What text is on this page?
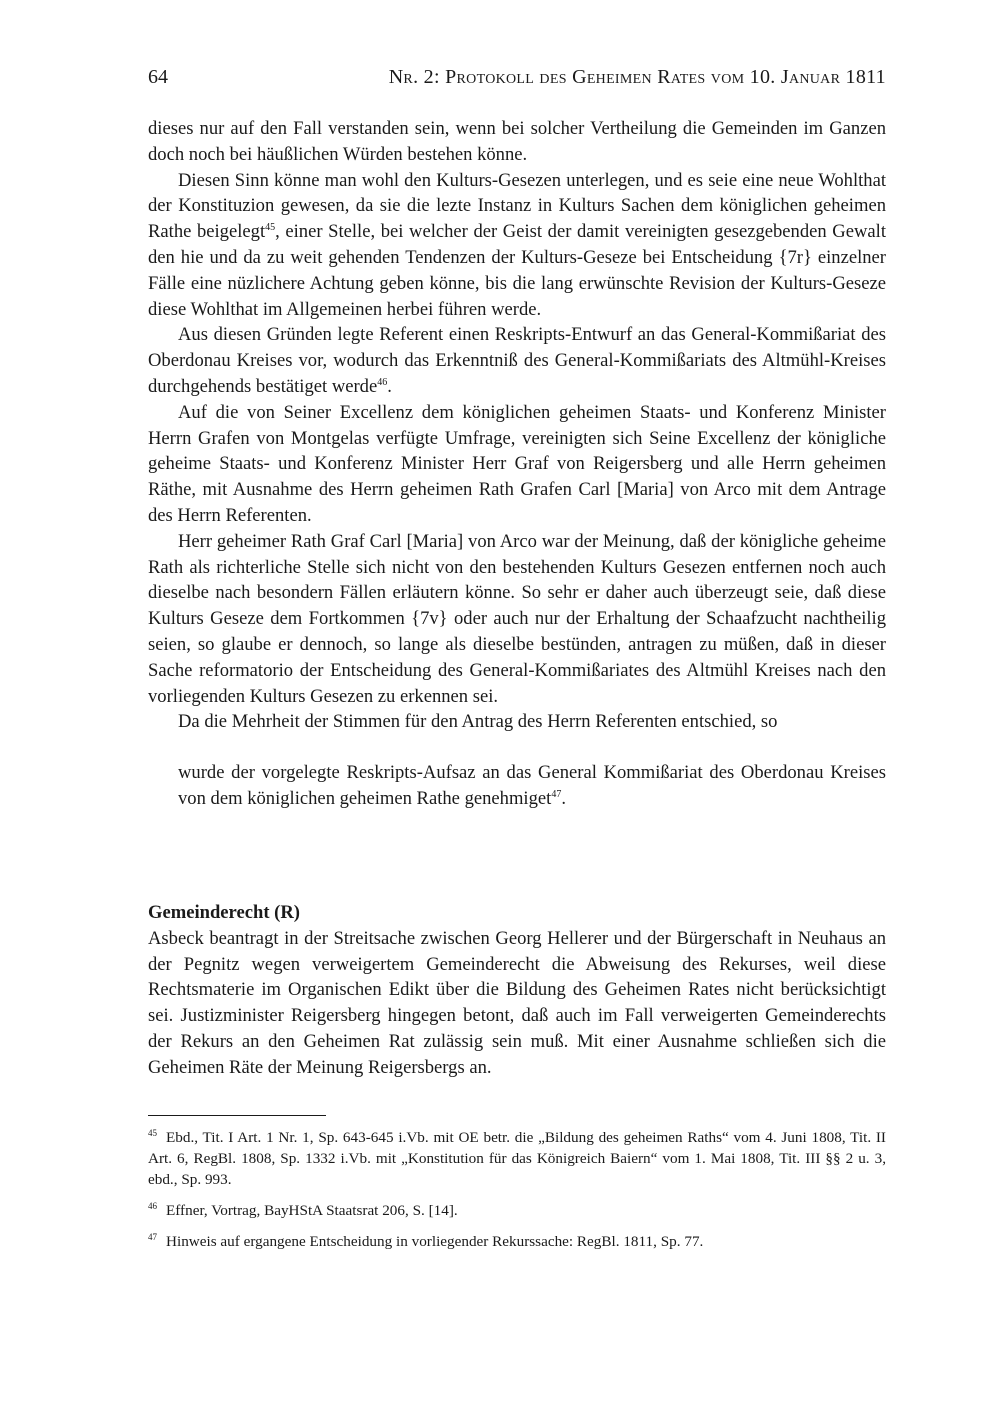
64	Nr. 2: Protokoll des Geheimen Rates vom 10. Januar 1811

dieses nur auf den Fall verstanden sein, wenn bei solcher Vertheilung die Gemeinden im Ganzen doch noch bei häußlichen Würden bestehen könne.

Diesen Sinn könne man wohl den Kulturs-Gesezen unterlegen, und es seie eine neue Wohlthat der Konstituzion gewesen, da sie die lezte Instanz in Kulturs Sachen dem königlichen geheimen Rathe beigelegt$^{45}$, einer Stelle, bei welcher der Geist der damit vereinigten gesezgebenden Gewalt den hie und da zu weit gehenden Tendenzen der Kulturs-Geseze bei Entscheidung {7r} einzelner Fälle eine nüzlichere Achtung geben könne, bis die lang erwünschte Revision der Kulturs-Geseze diese Wohlthat im Allgemeinen herbei führen werde.

Aus diesen Gründen legte Referent einen Reskripts-Entwurf an das General-Kommißariat des Oberdonau Kreises vor, wodurch das Erkenntniß des General-Kommißariats des Altmühl-Kreises durchgehends bestätiget werde$^{46}$.

Auf die von Seiner Excellenz dem königlichen geheimen Staats- und Konferenz Minister Herrn Grafen von Montgelas verfügte Umfrage, vereinigten sich Seine Excellenz der königliche geheime Staats- und Konferenz Minister Herr Graf von Reigersberg und alle Herrn geheimen Räthe, mit Ausnahme des Herrn geheimen Rath Grafen Carl [Maria] von Arco mit dem Antrage des Herrn Referenten.

Herr geheimer Rath Graf Carl [Maria] von Arco war der Meinung, daß der königliche geheime Rath als richterliche Stelle sich nicht von den bestehenden Kulturs Gesezen entfernen noch auch dieselbe nach besondern Fällen erläutern könne. So sehr er daher auch überzeugt seie, daß diese Kulturs Geseze dem Fortkommen {7v} oder auch nur der Erhaltung der Schaafzucht nachtheilig seien, so glaube er dennoch, so lange als dieselbe bestünden, antragen zu müßen, daß in dieser Sache reformatorio der Entscheidung des General-Kommißariates des Altmühl Kreises nach den vorliegenden Kulturs Gesezen zu erkennen sei.

Da die Mehrheit der Stimmen für den Antrag des Herrn Referenten entschied, so

wurde der vorgelegte Reskripts-Aufsaz an das General Kommißariat des Oberdonau Kreises von dem königlichen geheimen Rathe genehmiget$^{47}$.

Gemeinderecht (R)

Asbeck beantragt in der Streitsache zwischen Georg Hellerer und der Bürgerschaft in Neuhaus an der Pegnitz wegen verweigertem Gemeinderecht die Abweisung des Rekurses, weil diese Rechtsmaterie im Organischen Edikt über die Bildung des Geheimen Rates nicht berücksichtigt sei. Justizminister Reigersberg hingegen betont, daß auch im Fall verweigerten Gemeinderechts der Rekurs an den Geheimen Rat zulässig sein muß. Mit einer Ausnahme schließen sich die Geheimen Räte der Meinung Reigersbergs an.

$^{45}$ Ebd., Tit. I Art. 1 Nr. 1, Sp. 643-645 i.Vb. mit OE betr. die „Bildung des geheimen Raths“ vom 4. Juni 1808, Tit. II Art. 6, RegBl. 1808, Sp. 1332 i.Vb. mit „Konstitution für das Königreich Baiern“ vom 1. Mai 1808, Tit. III §§ 2 u. 3, ebd., Sp. 993.

$^{46}$ Effner, Vortrag, BayHStA Staatsrat 206, S. [14].

$^{47}$ Hinweis auf ergangene Entscheidung in vorliegender Rekurssache: RegBl. 1811, Sp. 77.
